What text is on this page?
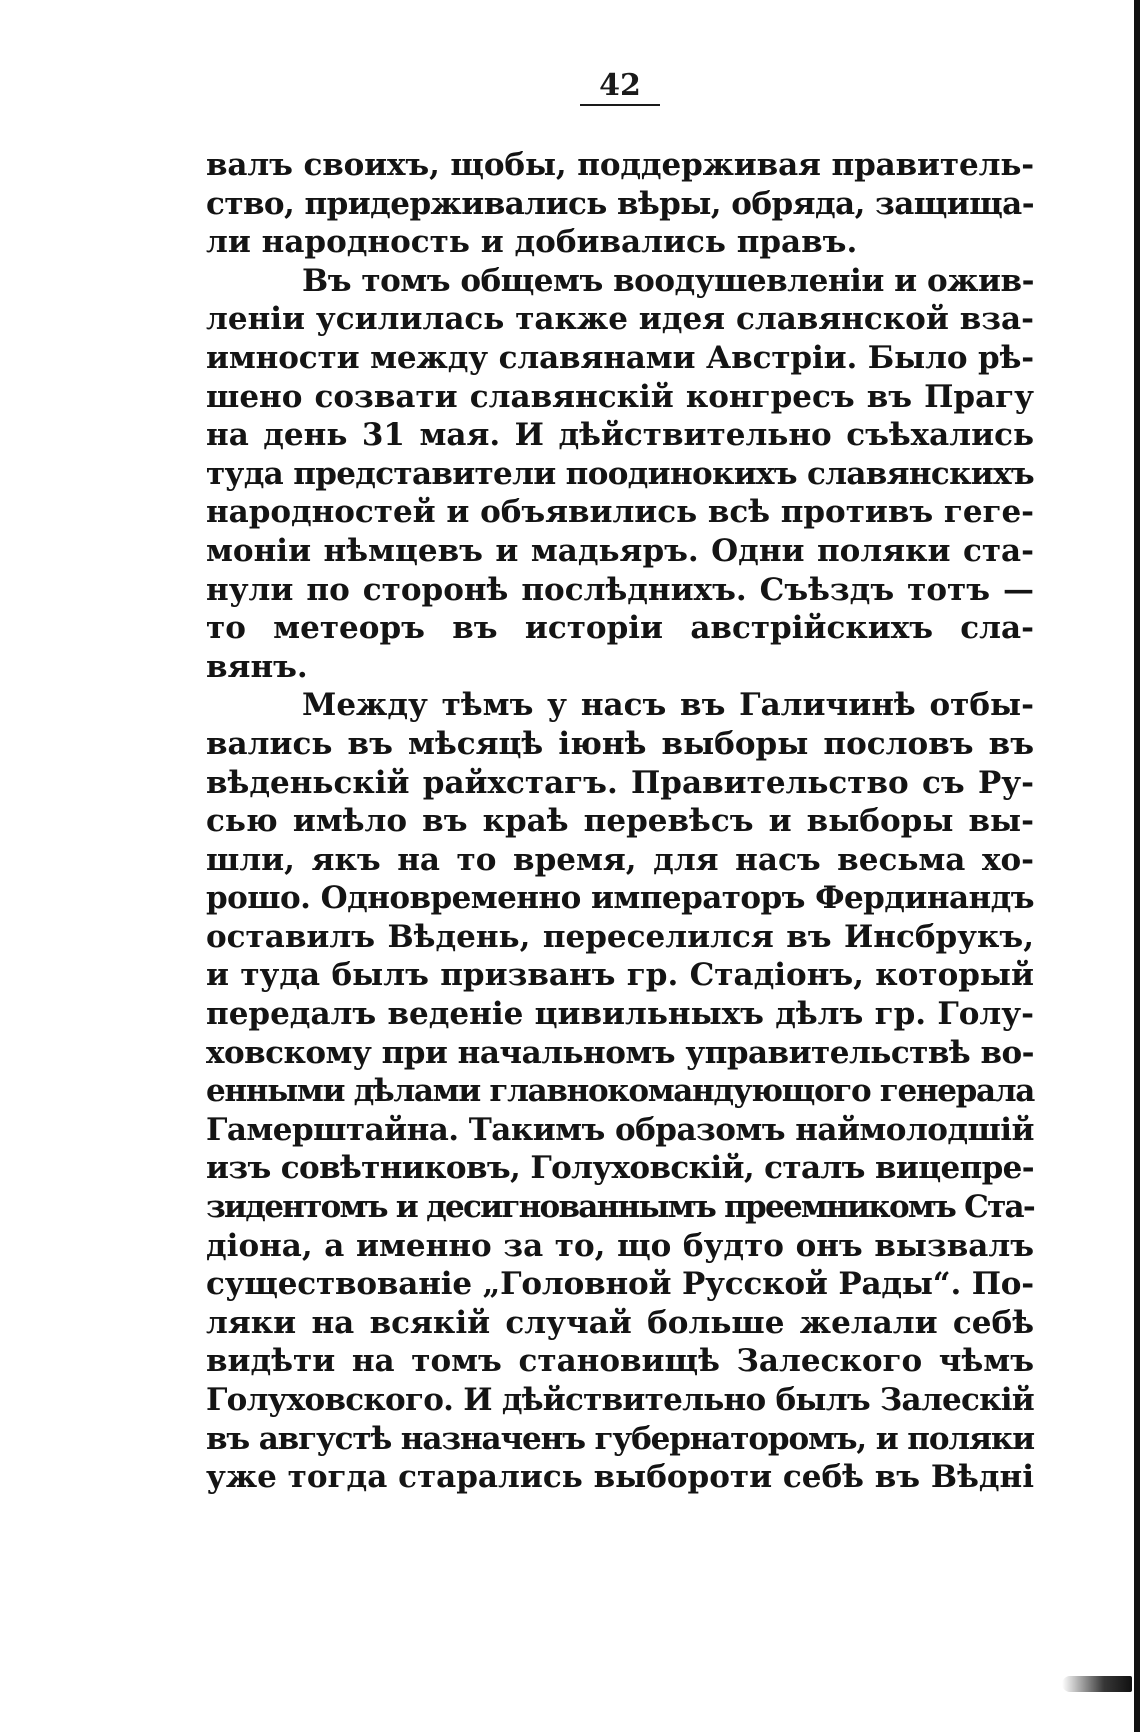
42
валъ своихъ, щобы, поддерживая правитель-
ство, придерживались вѣры, обряда, защища-
ли народность и добивались правъ.
Въ томъ общемъ воодушевленіи и ожив-
леніи усилилась также идея славянской вза-
имности между славянами Австріи. Было рѣ-
шено созвати славянскій конгресъ въ Прагу
на день 31 мая. И дѣйствительно съѣхались
туда представители поодинокихъ славянскихъ
народностей и объявились всѣ противъ геге-
моніи нѣмцевъ и мадьяръ. Одни поляки ста-
нули по сторонѣ послѣднихъ. Съѣздъ тотъ —
то метеоръ въ исторіи австрійскихъ сла-
вянъ.
Между тѣмъ у насъ въ Галичинѣ отбы-
вались въ мѣсяцѣ іюнѣ выборы пословъ въ
вѣденьскій райхстагъ. Правительство съ Ру-
сью имѣло въ краѣ перевѣсъ и выборы вы-
шли, якъ на то время, для насъ весьма хо-
рошо. Одновременно императоръ Фердинандъ
оставилъ Вѣдень, переселился въ Инсбрукъ,
и туда былъ призванъ гр. Стадіонъ, который
передалъ веденіе цивильныхъ дѣлъ гр. Голу-
ховскому при начальномъ управительствѣ во-
енными дѣлами главнокомандующого генерала
Гамерштайна. Такимъ образомъ наймолодшій
изъ совѣтниковъ, Голуховскій, сталъ вицепре-
зидентомъ и десигнованнымъ преемникомъ Ста-
діона, а именно за то, що будто онъ вызвалъ
существованіе „Головной Русской Рады“. По-
ляки на всякій случай больше желали себѣ
видѣти на томъ становищѣ Залеского чѣмъ
Голуховского. И дѣйствительно былъ Залескій
въ августѣ назначенъ губернаторомъ, и поляки
уже тогда старались выбороти себѣ въ Вѣдні
